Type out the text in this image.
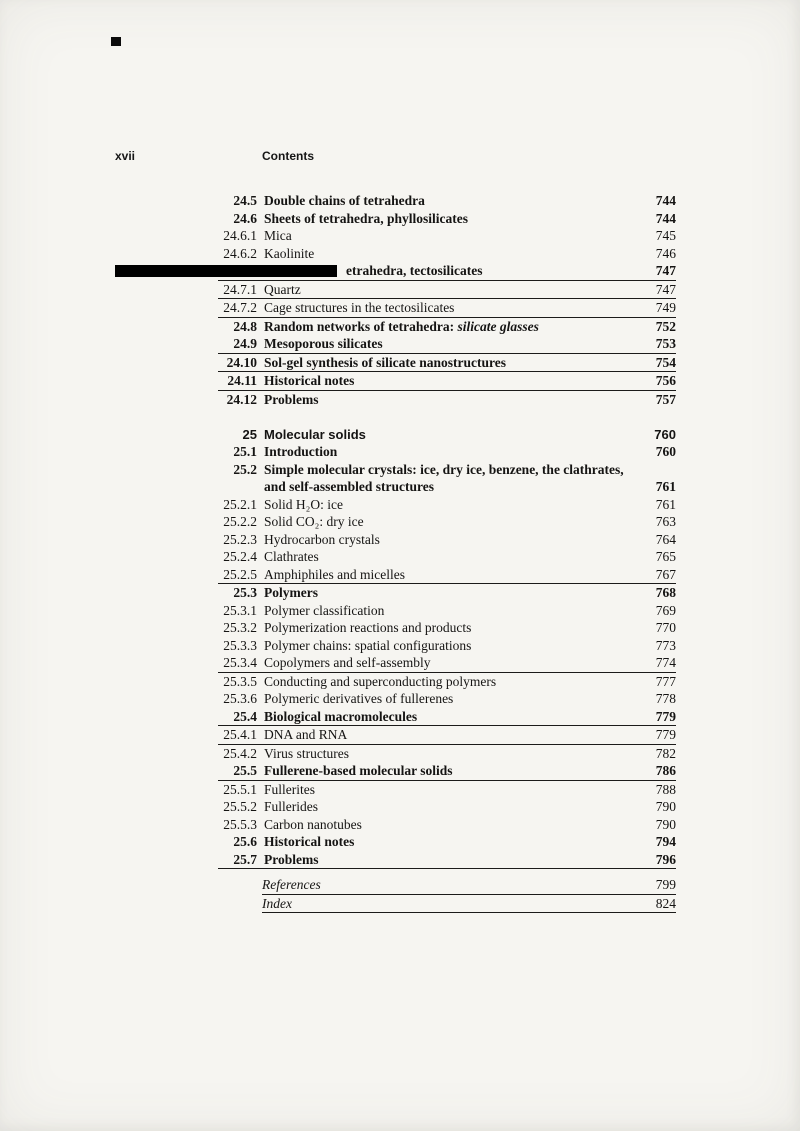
xvii	Contents
24.5 Double chains of tetrahedra	744
24.6 Sheets of tetrahedra, phyllosilicates	744
24.6.1 Mica	745
24.6.2 Kaolinite	746
etrahedra, tectosilicates	747
24.7.1 Quartz	747
24.7.2 Cage structures in the tectosilicates	749
24.8 Random networks of tetrahedra: silicate glasses	752
24.9 Mesoporous silicates	753
24.10 Sol-gel synthesis of silicate nanostructures	754
24.11 Historical notes	756
24.12 Problems	757
25 Molecular solids	760
25.1 Introduction	760
25.2 Simple molecular crystals: ice, dry ice, benzene, the clathrates,
and self-assembled structures	761
25.2.1 Solid H₂O: ice	761
25.2.2 Solid CO₂: dry ice	763
25.2.3 Hydrocarbon crystals	764
25.2.4 Clathrates	765
25.2.5 Amphiphiles and micelles	767
25.3 Polymers	768
25.3.1 Polymer classification	769
25.3.2 Polymerization reactions and products	770
25.3.3 Polymer chains: spatial configurations	773
25.3.4 Copolymers and self-assembly	774
25.3.5 Conducting and superconducting polymers	777
25.3.6 Polymeric derivatives of fullerenes	778
25.4 Biological macromolecules	779
25.4.1 DNA and RNA	779
25.4.2 Virus structures	782
25.5 Fullerene-based molecular solids	786
25.5.1 Fullerites	788
25.5.2 Fullerides	790
25.5.3 Carbon nanotubes	790
25.6 Historical notes	794
25.7 Problems	796
References	799
Index	824
